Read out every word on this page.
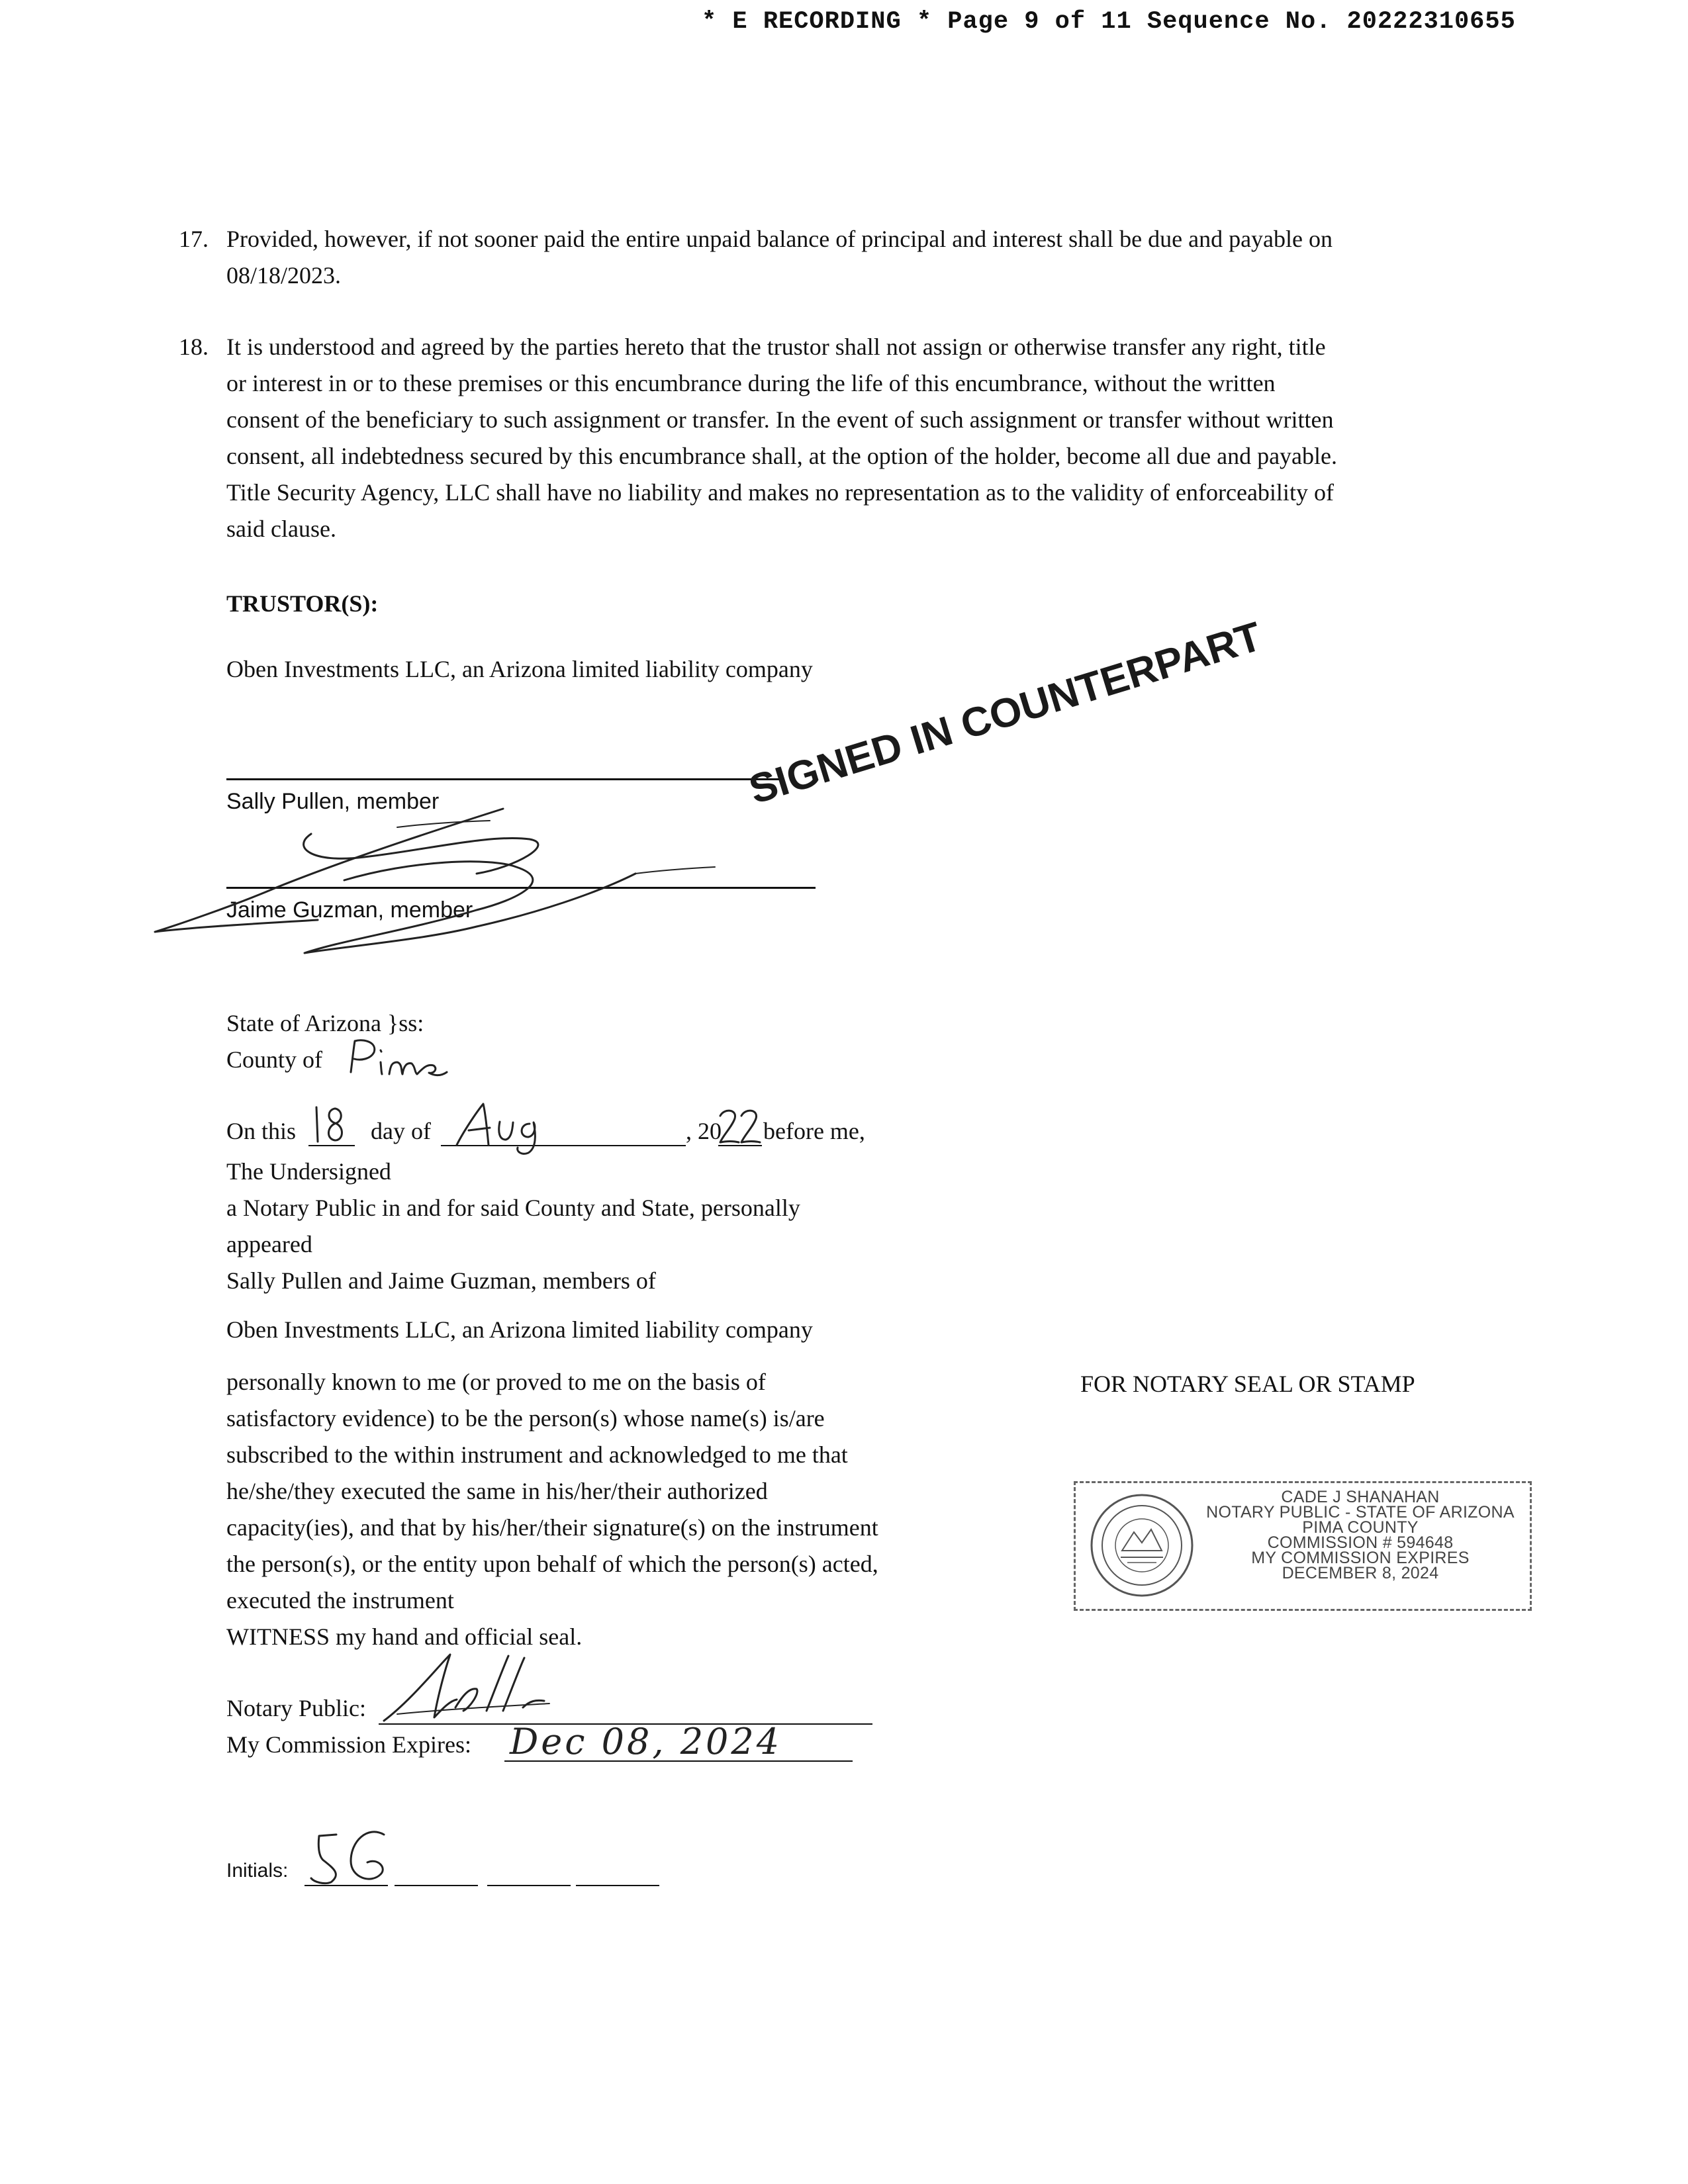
* E RECORDING * Page 9 of 11 Sequence No. 20222310655
17. Provided, however, if not sooner paid the entire unpaid balance of principal and interest shall be due and payable on
08/18/2023.
18. It is understood and agreed by the parties hereto that the trustor shall not assign or otherwise transfer any right, title
or interest in or to these premises or this encumbrance during the life of this encumbrance, without the written
consent of the beneficiary to such assignment or transfer. In the event of such assignment or transfer without written
consent, all indebtedness secured by this encumbrance shall, at the option of the holder, become all due and payable.
Title Security Agency, LLC shall have no liability and makes no representation as to the validity of enforceability of
said clause.
TRUSTOR(S):
Oben Investments LLC, an Arizona limited liability company
Sally Pullen, member
Jaime Guzman, member
SIGNED IN COUNTERPART
State of Arizona }ss:
County of
On this	day of	, 20 before me,
The Undersigned
a Notary Public in and for said County and State, personally
appeared
Sally Pullen and Jaime Guzman, members of
Oben Investments LLC, an Arizona limited liability company
personally known to me (or proved to me on the basis of
satisfactory evidence) to be the person(s) whose name(s) is/are
subscribed to the within instrument and acknowledged to me that
he/she/they executed the same in his/her/their authorized
capacity(ies), and that by his/her/their signature(s) on the instrument
the person(s), or the entity upon behalf of which the person(s) acted,
executed the instrument
WITNESS my hand and official seal.
Notary Public:
My Commission Expires: Dec 08, 2024
FOR NOTARY SEAL OR STAMP
CADE J SHANAHAN
NOTARY PUBLIC - STATE OF ARIZONA
PIMA COUNTY
COMMISSION # 594648
MY COMMISSION EXPIRES
DECEMBER 8, 2024
Initials:
